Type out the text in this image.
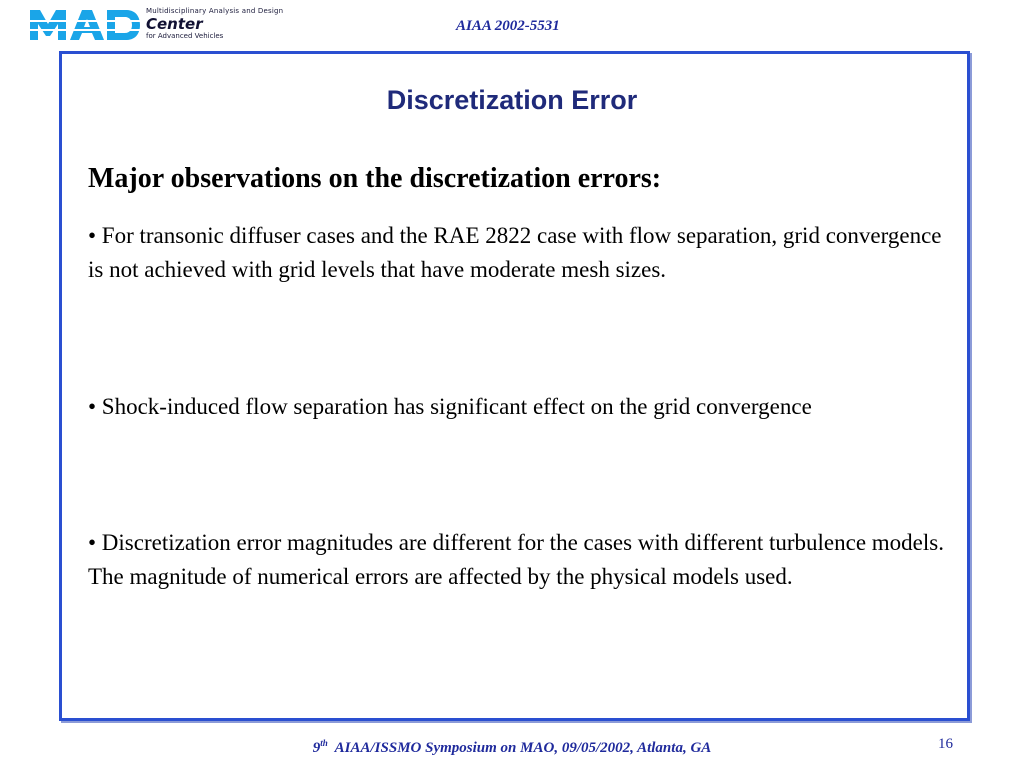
Multidisciplinary Analysis and Design
Center
for Advanced Vehicles
AIAA 2002-5531
Discretization Error
Major observations on the discretization errors:
• For transonic diffuser cases and the RAE 2822 case with flow separation, grid convergence is not achieved with grid levels that have moderate mesh sizes.
• Shock-induced flow separation has significant effect on the grid convergence
• Discretization error magnitudes are different for the cases with different turbulence models. The magnitude of numerical errors are affected by the physical models used.
9th AIAA/ISSMO Symposium on MAO, 09/05/2002, Atlanta, GA	16
